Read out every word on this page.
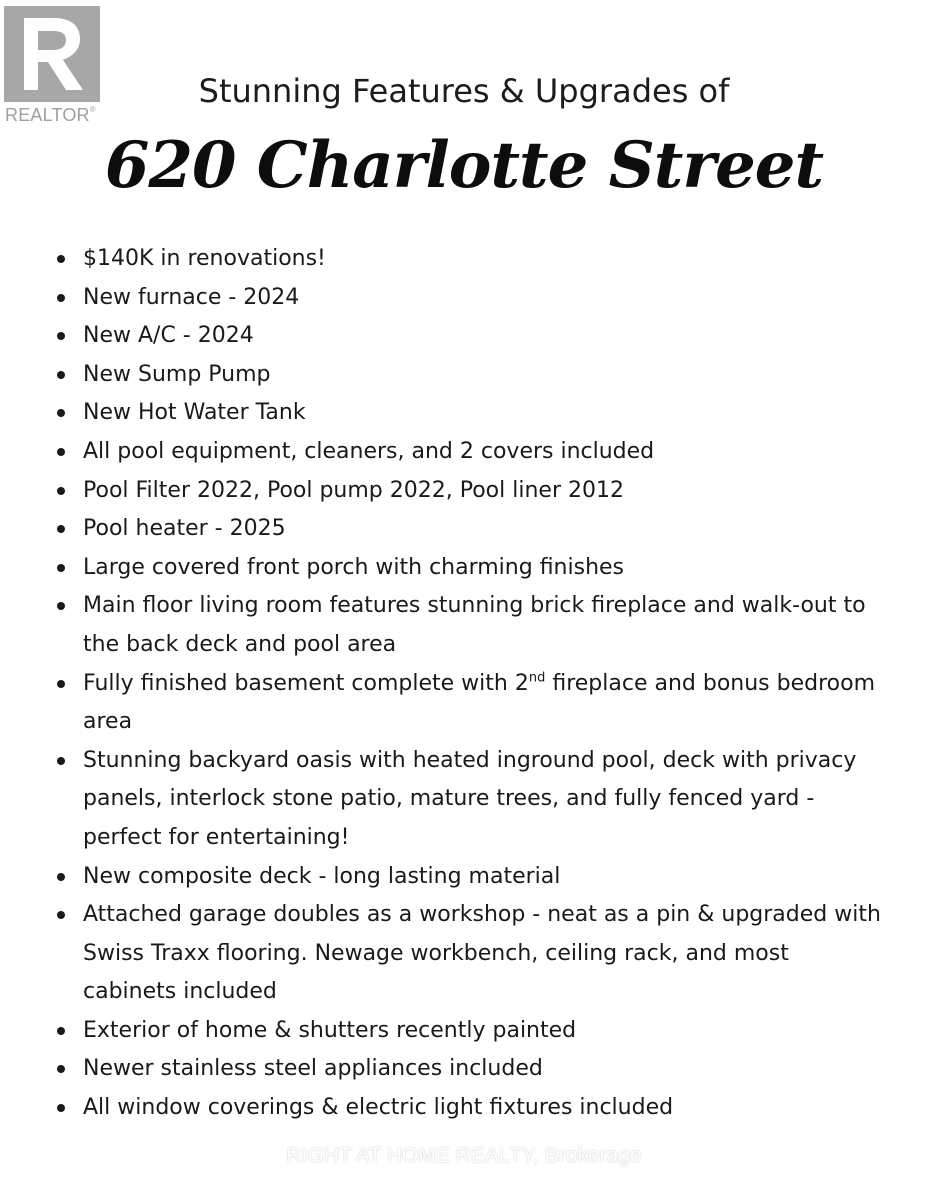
REALTOR®	Stunning Features & Upgrades of
620 Charlotte Street
$140K in renovations!
New furnace - 2024
New A/C - 2024
New Sump Pump
New Hot Water Tank
All pool equipment, cleaners, and 2 covers included
Pool Filter 2022, Pool pump 2022, Pool liner 2012
Pool heater - 2025
Large covered front porch with charming finishes
Main floor living room features stunning brick fireplace and walk-out to the back deck and pool area
Fully finished basement complete with 2nd fireplace and bonus bedroom area
Stunning backyard oasis with heated inground pool, deck with privacy panels, interlock stone patio, mature trees, and fully fenced yard - perfect for entertaining!
New composite deck - long lasting material
Attached garage doubles as a workshop - neat as a pin & upgraded with Swiss Traxx flooring. Newage workbench, ceiling rack, and most cabinets included
Exterior of home & shutters recently painted
Newer stainless steel appliances included
All window coverings & electric light fixtures included
RIGHT AT HOME REALTY, Brokerage
